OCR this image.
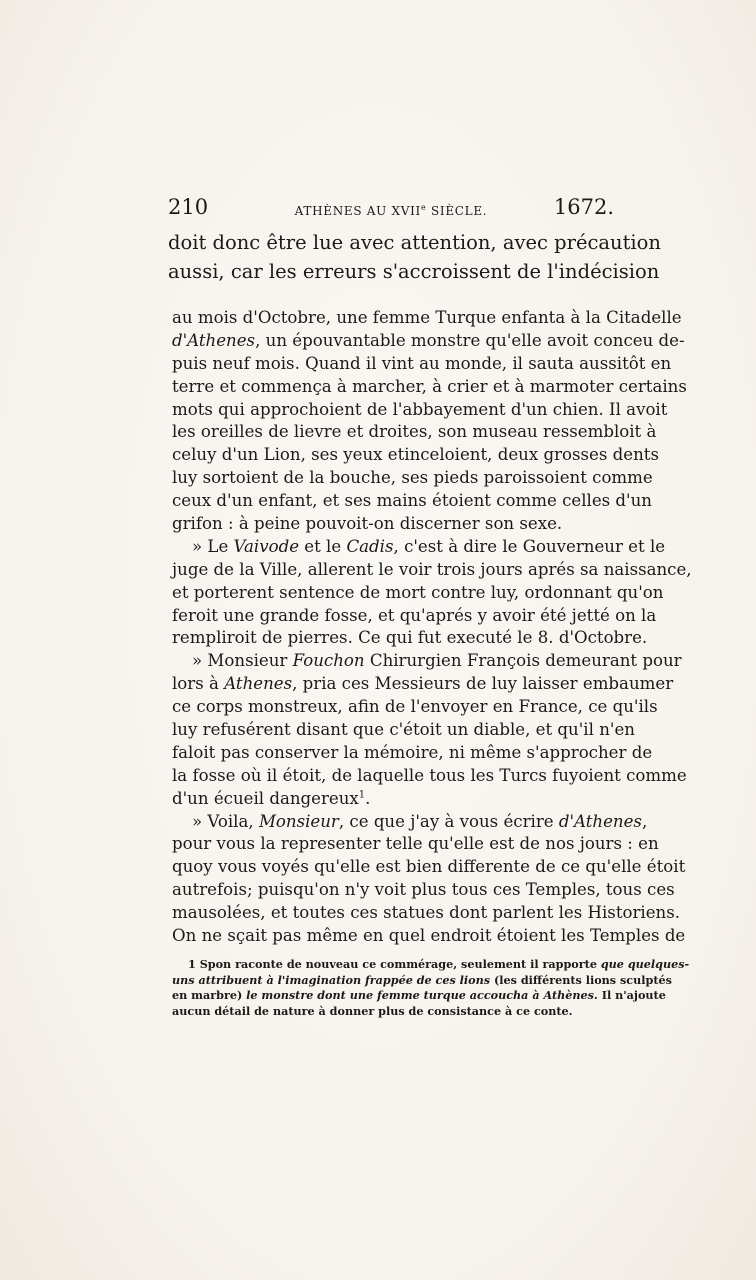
210	ATHÈNES AU XVIIe SIÈCLE.	1672.
doit donc être lue avec attention, avec précaution
aussi, car les erreurs s'accroissent de l'indécision
au mois d'Octobre, une femme Turque enfanta à la Citadelle
d'Athenes, un épouvantable monstre qu'elle avoit conceu de-
puis neuf mois. Quand il vint au monde, il sauta aussitôt en
terre et commença à marcher, à crier et à marmoter certains
mots qui approchoient de l'abbayement d'un chien. Il avoit
les oreilles de lievre et droites, son museau ressembloit à
celuy d'un Lion, ses yeux etinceloient, deux grosses dents
luy sortoient de la bouche, ses pieds paroissoient comme
ceux d'un enfant, et ses mains étoient comme celles d'un
grifon : à peine pouvoit-on discerner son sexe.
» Le Vaivode et le Cadis, c'est à dire le Gouverneur et le
juge de la Ville, allerent le voir trois jours aprés sa naissance,
et porterent sentence de mort contre luy, ordonnant qu'on
feroit une grande fosse, et qu'aprés y avoir été jetté on la
rempliroit de pierres. Ce qui fut executé le 8. d'Octobre.
» Monsieur Fouchon Chirurgien François demeurant pour
lors à Athenes, pria ces Messieurs de luy laisser embaumer
ce corps monstreux, afin de l'envoyer en France, ce qu'ils
luy refusérent disant que c'étoit un diable, et qu'il n'en
faloit pas conserver la mémoire, ni même s'approcher de
la fosse où il étoit, de laquelle tous les Turcs fuyoient comme
d'un écueil dangereux$^1$.
» Voila, Monsieur, ce que j'ay à vous écrire d'Athenes,
pour vous la representer telle qu'elle est de nos jours : en
quoy vous voyés qu'elle est bien differente de ce qu'elle étoit
autrefois; puisqu'on n'y voit plus tous ces Temples, tous ces
mausolées, et toutes ces statues dont parlent les Historiens.
On ne sçait pas même en quel endroit étoient les Temples de
1 Spon raconte de nouveau ce commérage, seulement il rapporte que quelques-
uns attribuent à l'imagination frappée de ces lions (les différents lions sculptés
en marbre) le monstre dont une femme turque accoucha à Athènes. Il n'ajoute
aucun détail de nature à donner plus de consistance à ce conte.
